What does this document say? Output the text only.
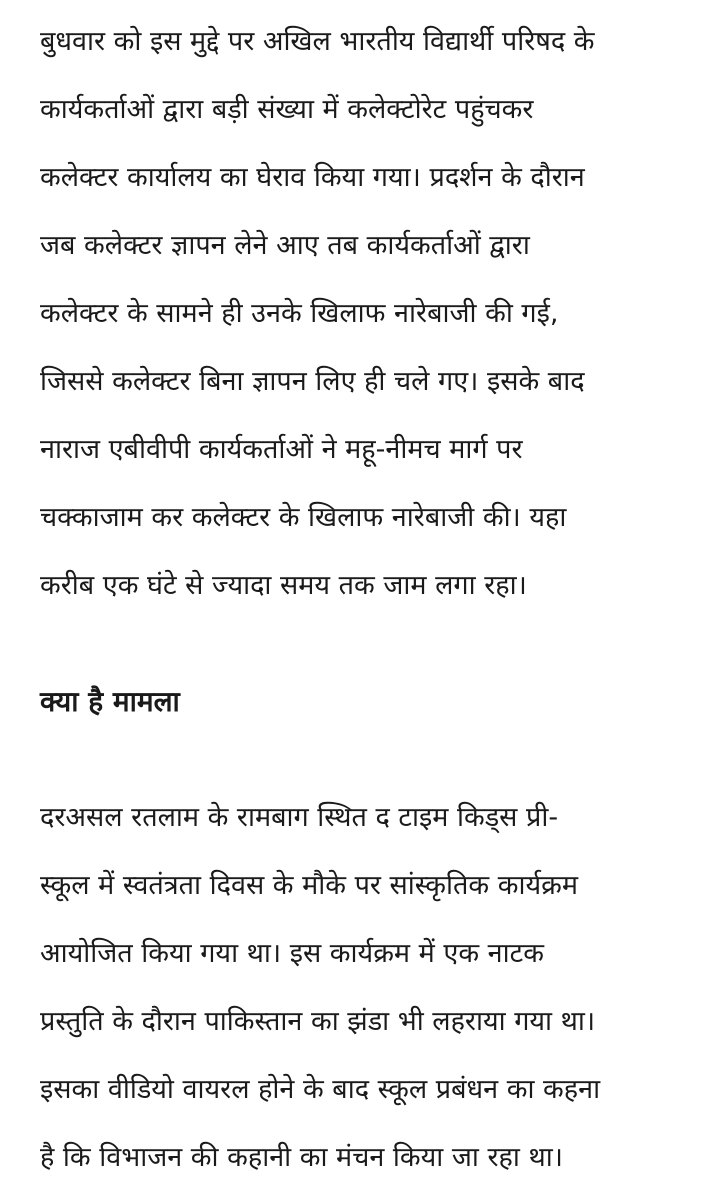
बुधवार को इस मुद्दे पर अखिल भारतीय विद्यार्थी परिषद के
कार्यकर्ताओं द्वारा बड़ी संख्या में कलेक्टोरेट पहुंचकर
कलेक्टर कार्यालय का घेराव किया गया। प्रदर्शन के दौरान
जब कलेक्टर ज्ञापन लेने आए तब कार्यकर्ताओं द्वारा
कलेक्टर के सामने ही उनके खिलाफ नारेबाजी की गई,
जिससे कलेक्टर बिना ज्ञापन लिए ही चले गए। इसके बाद
नाराज एबीवीपी कार्यकर्ताओं ने महू-नीमच मार्ग पर
चक्काजाम कर कलेक्टर के खिलाफ नारेबाजी की। यहा
करीब एक घंटे से ज्यादा समय तक जाम लगा रहा।

क्या है मामला

दरअसल रतलाम के रामबाग स्थित द टाइम किड्स प्री-
स्कूल में स्वतंत्रता दिवस के मौके पर सांस्कृतिक कार्यक्रम
आयोजित किया गया था। इस कार्यक्रम में एक नाटक
प्रस्तुति के दौरान पाकिस्तान का झंडा भी लहराया गया था।
इसका वीडियो वायरल होने के बाद स्कूल प्रबंधन का कहना
है कि विभाजन की कहानी का मंचन किया जा रहा था।
